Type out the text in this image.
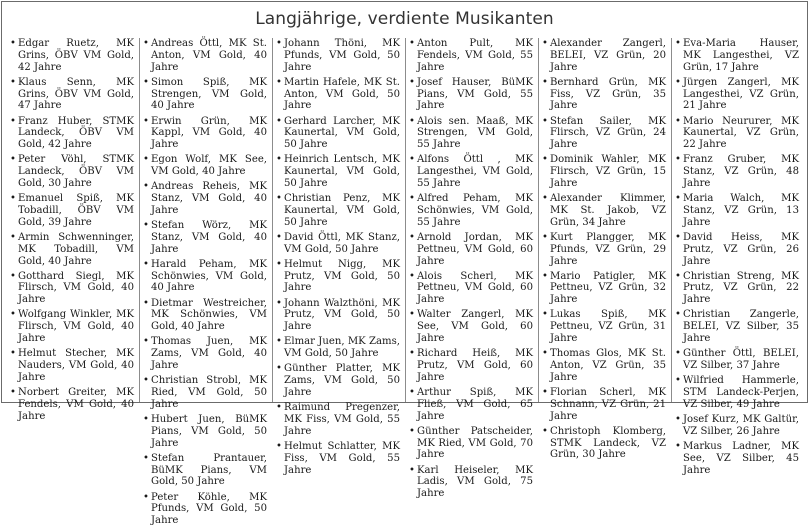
Langjährige, verdiente Musikanten
• Edgar Ruetz, MK Grins, ÖBV VM Gold, 42 Jahre
• Klaus Senn, MK Grins, ÖBV VM Gold, 47 Jahre
• Franz Huber, STMK Landeck, ÖBV VM Gold, 42 Jahre
• Peter Vöhl, STMK Landeck, ÖBV VM Gold, 30 Jahre
• Emanuel Spiß, MK Tobadill, ÖBV VM Gold, 39 Jahre
• Armin Schwenninger, MK Tobadill, VM Gold, 40 Jahre
• Gotthard Siegl, MK Flirsch, VM Gold, 40 Jahre
• Wolfgang Winkler, MK Flirsch, VM Gold, 40 Jahre
• Helmut Stecher, MK Nauders, VM Gold, 40 Jahre
• Norbert Greiter, MK Fendels, VM Gold, 40 Jahre
• Andreas Öttl, MK St. Anton, VM Gold, 40 Jahre
• Simon Spiß, MK Strengen, VM Gold, 40 Jahre
• Erwin Grün, MK Kappl, VM Gold, 40 Jahre
• Egon Wolf, MK See, VM Gold, 40 Jahre
• Andreas Reheis, MK Stanz, VM Gold, 40 Jahre
• Stefan Wörz, MK Stanz, VM Gold, 40 Jahre
• Harald Peham, MK Schönwies, VM Gold, 40 Jahre
• Dietmar Westreicher, MK Schönwies, VM Gold, 40 Jahre
• Thomas Juen, MK Zams, VM Gold, 40 Jahre
• Christian Strobl, MK Ried, VM Gold, 50 Jahre
• Hubert Juen, BüMK Pians, VM Gold, 50 Jahre
• Stefan Prantauer, BüMK Pians, VM Gold, 50 Jahre
• Peter Köhle, MK Pfunds, VM Gold, 50 Jahre
• Johann Thöni, MK Pfunds, VM Gold, 50 Jahre
• Martin Hafele, MK St. Anton, VM Gold, 50 Jahre
• Gerhard Larcher, MK Kaunertal, VM Gold, 50 Jahre
• Heinrich Lentsch, MK Kaunertal, VM Gold, 50 Jahre
• Christian Penz, MK Kaunertal, VM Gold, 50 Jahre
• David Öttl, MK Stanz, VM Gold, 50 Jahre
• Helmut Nigg, MK Prutz, VM Gold, 50 Jahre
• Johann Walzthöni, MK Prutz, VM Gold, 50 Jahre
• Elmar Juen, MK Zams, VM Gold, 50 Jahre
• Günther Platter, MK Zams, VM Gold, 50 Jahre
• Raimund Pregenzer, MK Fiss, VM Gold, 55 Jahre
• Helmut Schlatter, MK Fiss, VM Gold, 55 Jahre
• Anton Pult, MK Fendels, VM Gold, 55 Jahre
• Josef Hauser, BüMK Pians, VM Gold, 55 Jahre
• Alois sen. Maaß, MK Strengen, VM Gold, 55 Jahre
• Alfons Öttl , MK Langesthei, VM Gold, 55 Jahre
• Alfred Peham, MK Schönwies, VM Gold, 55 Jahre
• Arnold Jordan, MK Pettneu, VM Gold, 60 Jahre
• Alois Scherl, MK Pettneu, VM Gold, 60 Jahre
• Walter Zangerl, MK See, VM Gold, 60 Jahre
• Richard Heiß, MK Prutz, VM Gold, 60 Jahre
• Arthur Spiß, MK Fließ, VM Gold, 65 Jahre
• Günther Patscheider, MK Ried, VM Gold, 70 Jahre
• Karl Heiseler, MK Ladis, VM Gold, 75 Jahre
• Alexander Zangerl, BELEI, VZ Grün, 20 Jahre
• Bernhard Grün, MK Fiss, VZ Grün, 35 Jahre
• Stefan Sailer, MK Flirsch, VZ Grün, 24 Jahre
• Dominik Wahler, MK Flirsch, VZ Grün, 15 Jahre
• Alexander Klimmer, MK St. Jakob, VZ Grün, 34 Jahre
• Kurt Plangger, MK Pfunds, VZ Grün, 29 Jahre
• Mario Patigler, MK Pettneu, VZ Grün, 32 Jahre
• Lukas Spiß, MK Pettneu, VZ Grün, 31 Jahre
• Thomas Glos, MK St. Anton, VZ Grün, 35 Jahre
• Florian Scherl, MK Schnann, VZ Grün, 21 Jahre
• Christoph Klomberg, STMK Landeck, VZ Grün, 30 Jahre
• Eva-Maria Hauser, MK Langesthei, VZ Grün, 17 Jahre
• Jürgen Zangerl, MK Langesthei, VZ Grün, 21 Jahre
• Mario Neururer, MK Kaunertal, VZ Grün, 22 Jahre
• Franz Gruber, MK Stanz, VZ Grün, 48 Jahre
• Maria Walch, MK Stanz, VZ Grün, 13 Jahre
• David Heiss, MK Prutz, VZ Grün, 26 Jahre
• Christian Streng, MK Prutz, VZ Grün, 22 Jahre
• Christian Zangerle, BELEI, VZ Silber, 35 Jahre
• Günther Öttl, BELEI, VZ Silber, 37 Jahre
• Wilfried Hammerle, STM Landeck-Perjen, VZ Silber, 49 Jahre
• Josef Kurz, MK Galtür, VZ Silber, 26 Jahre
• Markus Ladner, MK See, VZ Silber, 45 Jahre
